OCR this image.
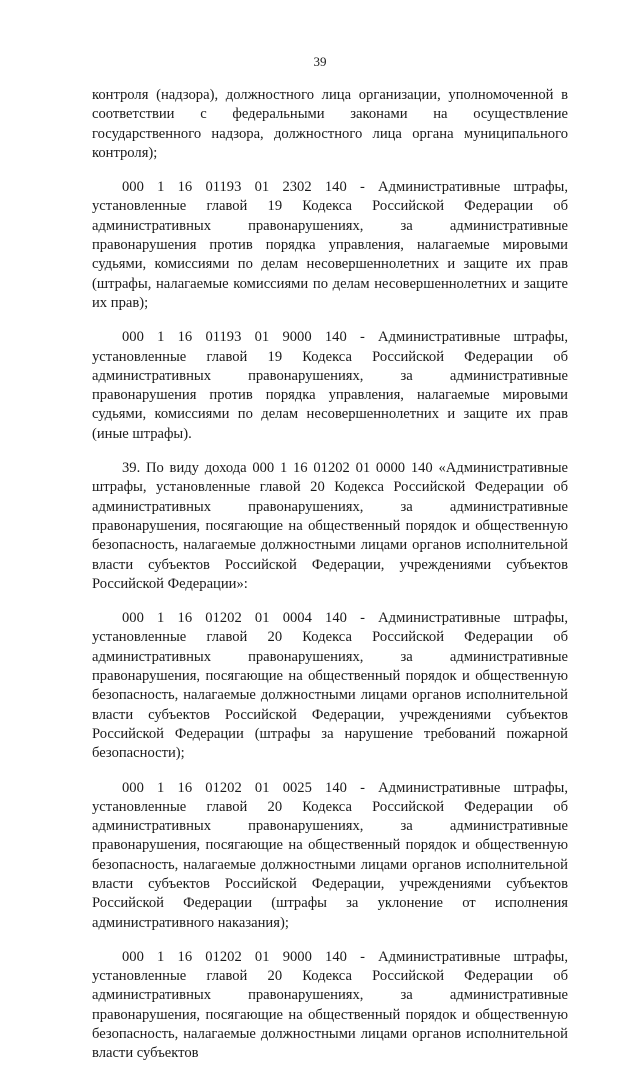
39

контроля (надзора), должностного лица организации, уполномоченной в соответствии с федеральными законами на осуществление государственного надзора, должностного лица органа муниципального контроля);

000 1 16 01193 01 2302 140 - Административные штрафы, установленные главой 19 Кодекса Российской Федерации об административных правонарушениях, за административные правонарушения против порядка управления, налагаемые мировыми судьями, комиссиями по делам несовершеннолетних и защите их прав (штрафы, налагаемые комиссиями по делам несовершеннолетних и защите их прав);

000 1 16 01193 01 9000 140 - Административные штрафы, установленные главой 19 Кодекса Российской Федерации об административных правонарушениях, за административные правонарушения против порядка управления, налагаемые мировыми судьями, комиссиями по делам несовершеннолетних и защите их прав (иные штрафы).

39. По виду дохода 000 1 16 01202 01 0000 140 «Административные штрафы, установленные главой 20 Кодекса Российской Федерации об административных правонарушениях, за административные правонарушения, посягающие на общественный порядок и общественную безопасность, налагаемые должностными лицами органов исполнительной власти субъектов Российской Федерации, учреждениями субъектов Российской Федерации»:

000 1 16 01202 01 0004 140 - Административные штрафы, установленные главой 20 Кодекса Российской Федерации об административных правонарушениях, за административные правонарушения, посягающие на общественный порядок и общественную безопасность, налагаемые должностными лицами органов исполнительной власти субъектов Российской Федерации, учреждениями субъектов Российской Федерации (штрафы за нарушение требований пожарной безопасности);

000 1 16 01202 01 0025 140 - Административные штрафы, установленные главой 20 Кодекса Российской Федерации об административных правонарушениях, за административные правонарушения, посягающие на общественный порядок и общественную безопасность, налагаемые должностными лицами органов исполнительной власти субъектов Российской Федерации, учреждениями субъектов Российской Федерации (штрафы за уклонение от исполнения административного наказания);

000 1 16 01202 01 9000 140 - Административные штрафы, установленные главой 20 Кодекса Российской Федерации об административных правонарушениях, за административные правонарушения, посягающие на общественный порядок и общественную безопасность, налагаемые должностными лицами органов исполнительной власти субъектов
